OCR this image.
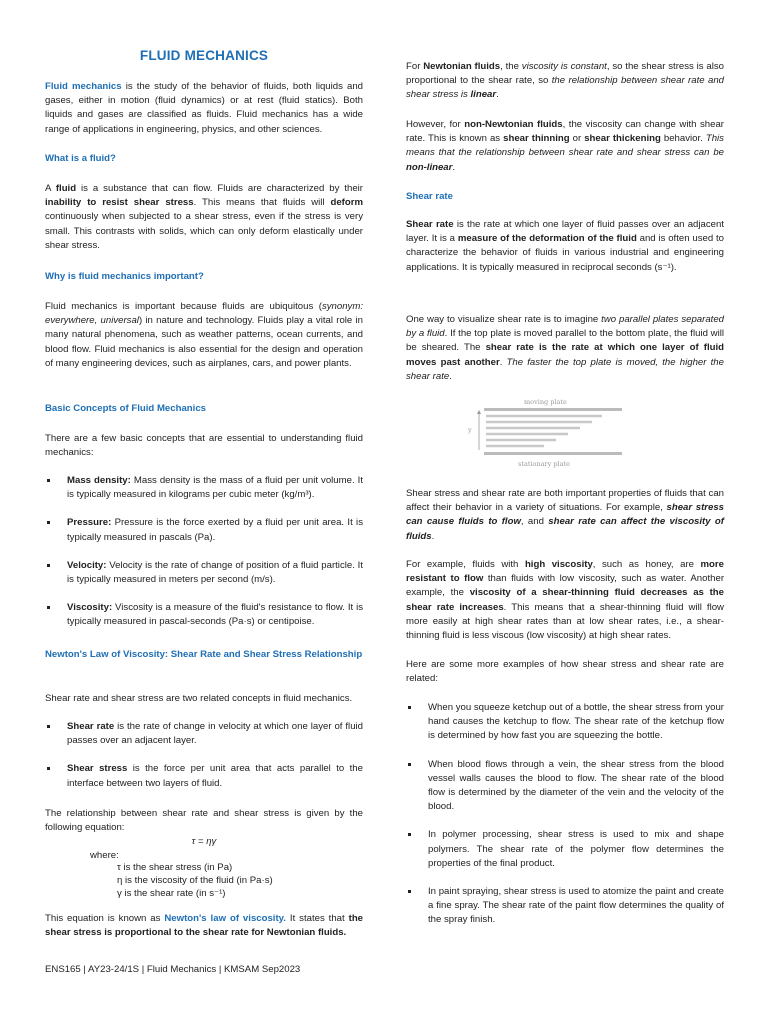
FLUID MECHANICS

Fluid mechanics is the study of the behavior of fluids, both liquids and gases, either in motion (fluid dynamics) or at rest (fluid statics). Both liquids and gases are classified as fluids. Fluid mechanics has a wide range of applications in engineering, physics, and other sciences.

What is a fluid?

A fluid is a substance that can flow. Fluids are characterized by their inability to resist shear stress. This means that fluids will deform continuously when subjected to a shear stress, even if the stress is very small. This contrasts with solids, which can only deform elastically under shear stress.

Why is fluid mechanics important?

Fluid mechanics is important because fluids are ubiquitous (synonym: everywhere, universal) in nature and technology. Fluids play a vital role in many natural phenomena, such as weather patterns, ocean currents, and blood flow. Fluid mechanics is also essential for the design and operation of many engineering devices, such as airplanes, cars, and power plants.

Basic Concepts of Fluid Mechanics

There are a few basic concepts that are essential to understanding fluid mechanics:

Mass density: Mass density is the mass of a fluid per unit volume. It is typically measured in kilograms per cubic meter (kg/m³).
Pressure: Pressure is the force exerted by a fluid per unit area. It is typically measured in pascals (Pa).
Velocity: Velocity is the rate of change of position of a fluid particle. It is typically measured in meters per second (m/s).
Viscosity: Viscosity is a measure of the fluid's resistance to flow. It is typically measured in pascal-seconds (Pa·s) or centipoise.
Newton's Law of Viscosity: Shear Rate and Shear Stress Relationship

Shear rate and shear stress are two related concepts in fluid mechanics.

Shear rate is the rate of change in velocity at which one layer of fluid passes over an adjacent layer.
Shear stress is the force per unit area that acts parallel to the interface between two layers of fluid.

The relationship between shear rate and shear stress is given by the following equation:

τ = ηγ
where:
τ is the shear stress (in Pa)
η is the viscosity of the fluid (in Pa·s)
γ is the shear rate (in s⁻¹)

This equation is known as Newton's law of viscosity. It states that the shear stress is proportional to the shear rate for Newtonian fluids.

For Newtonian fluids, the viscosity is constant, so the shear stress is also proportional to the shear rate, so the relationship between shear rate and shear stress is linear.

However, for non-Newtonian fluids, the viscosity can change with shear rate. This is known as shear thinning or shear thickening behavior. This means that the relationship between shear rate and shear stress can be non-linear.

Shear rate

Shear rate is the rate at which one layer of fluid passes over an adjacent layer. It is a measure of the deformation of the fluid and is often used to characterize the behavior of fluids in various industrial and engineering applications. It is typically measured in reciprocal seconds (s⁻¹).

One way to visualize shear rate is to imagine two parallel plates separated by a fluid. If the top plate is moved parallel to the bottom plate, the fluid will be sheared. The shear rate is the rate at which one layer of fluid moves past another. The faster the top plate is moved, the higher the shear rate.

Shear stress and shear rate are both important properties of fluids that can affect their behavior in a variety of situations. For example, shear stress can cause fluids to flow, and shear rate can affect the viscosity of fluids.

For example, fluids with high viscosity, such as honey, are more resistant to flow than fluids with low viscosity, such as water. Another example, the viscosity of a shear-thinning fluid decreases as the shear rate increases. This means that a shear-thinning fluid will flow more easily at high shear rates than at low shear rates, i.e., a shear-thinning fluid is less viscous (low viscosity) at high shear rates.

Here are some more examples of how shear stress and shear rate are related:

When you squeeze ketchup out of a bottle, the shear stress from your hand causes the ketchup to flow. The shear rate of the ketchup flow is determined by how fast you are squeezing the bottle.
When blood flows through a vein, the shear stress from the blood vessel walls causes the blood to flow. The shear rate of the blood flow is determined by the diameter of the vein and the velocity of the blood.
In polymer processing, shear stress is used to mix and shape polymers. The shear rate of the polymer flow determines the properties of the final product.
In paint spraying, shear stress is used to atomize the paint and create a fine spray. The shear rate of the paint flow determines the quality of the spray finish.
moving plate
y
stationary plate
ENS165 | AY23-24/1S | Fluid Mechanics | KMSAM Sep2023
